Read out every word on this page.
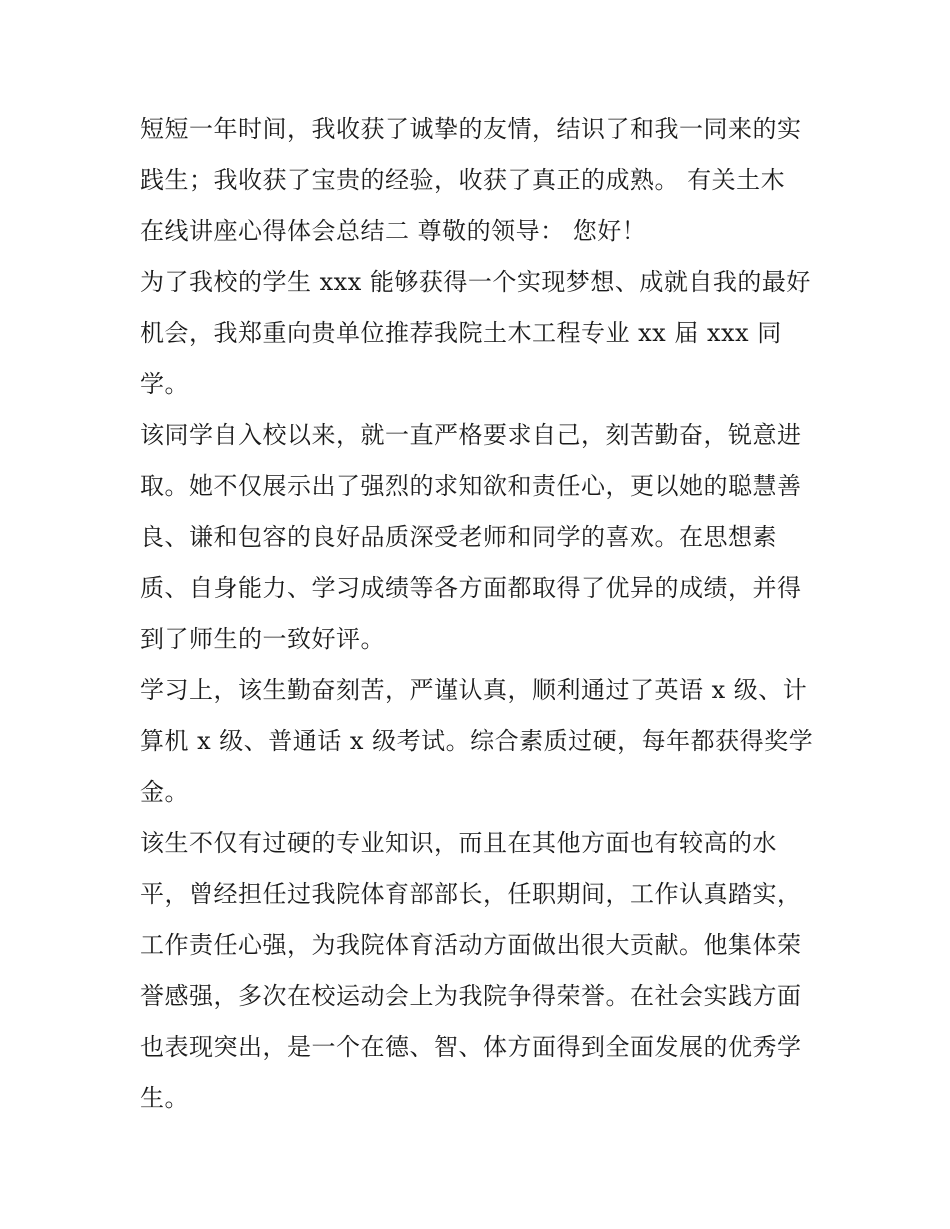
短短一年时间，我收获了诚挚的友情，结识了和我一同来的实
践生；我收获了宝贵的经验，收获了真正的成熟。 有关土木
在线讲座心得体会总结二 尊敬的领导： 您好！
为了我校的学生 xxx 能够获得一个实现梦想、成就自我的最好
机会，我郑重向贵单位推荐我院土木工程专业 xx 届 xxx 同
学。
该同学自入校以来，就一直严格要求自己，刻苦勤奋，锐意进
取。她不仅展示出了强烈的求知欲和责任心，更以她的聪慧善
良、谦和包容的良好品质深受老师和同学的喜欢。在思想素
质、自身能力、学习成绩等各方面都取得了优异的成绩，并得
到了师生的一致好评。
学习上，该生勤奋刻苦，严谨认真，顺利通过了英语 x 级、计
算机 x 级、普通话 x 级考试。综合素质过硬，每年都获得奖学
金。
该生不仅有过硬的专业知识，而且在其他方面也有较高的水
平，曾经担任过我院体育部部长，任职期间，工作认真踏实，
工作责任心强，为我院体育活动方面做出很大贡献。他集体荣
誉感强，多次在校运动会上为我院争得荣誉。在社会实践方面
也表现突出，是一个在德、智、体方面得到全面发展的优秀学
生。
